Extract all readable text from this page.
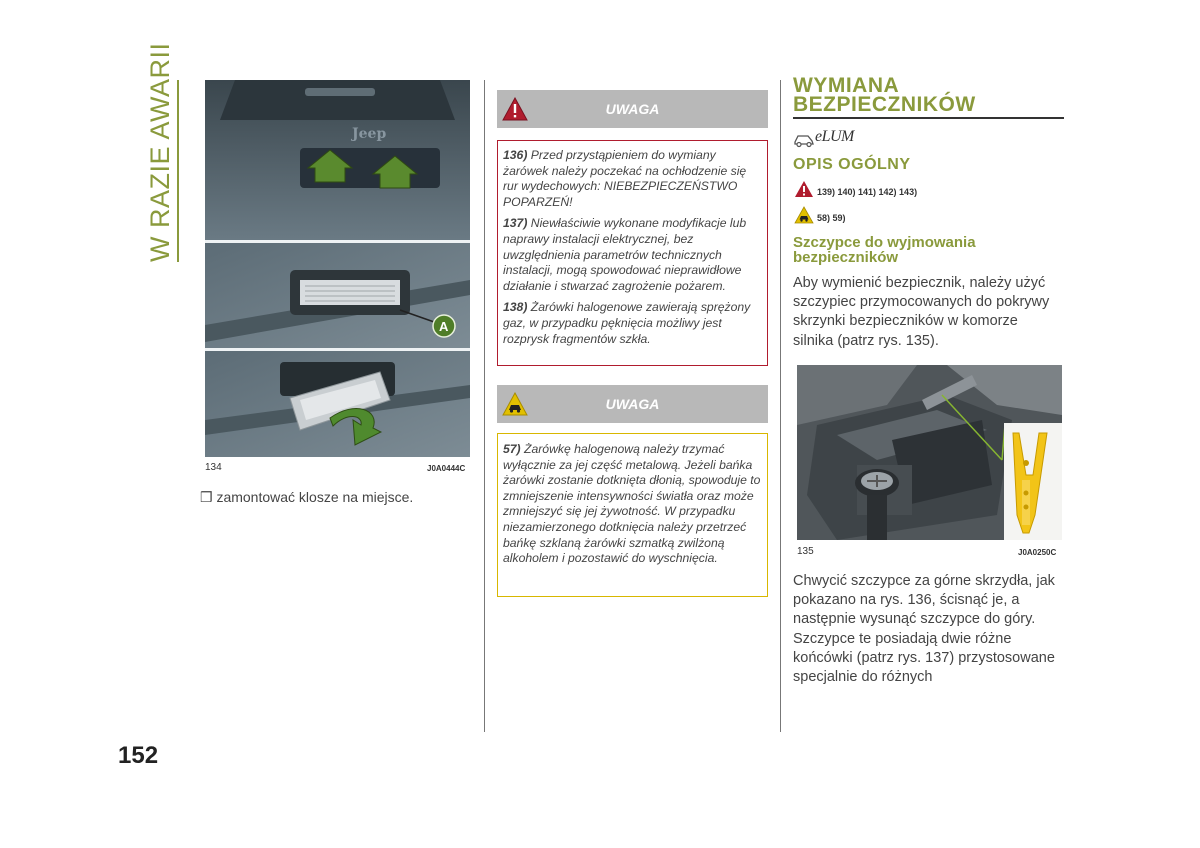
W RAZIE AWARII
152
Jeep
A
134	J0A0444C
❒ zamontować klosze na miejsce.
UWAGA

136) Przed przystąpieniem do wymiany żarówek należy poczekać na ochłodzenie się rur wydechowych: NIEBEZPIECZEŃSTWO POPARZEŃ!

137) Niewłaściwie wykonane modyfikacje lub naprawy instalacji elektrycznej, bez uwzględnienia parametrów technicznych instalacji, mogą spowodować nieprawidłowe działanie i stwarzać zagrożenie pożarem.

138) Żarówki halogenowe zawierają sprężony gaz, w przypadku pęknięcia możliwy jest rozprysk fragmentów szkła.

UWAGA

57) Żarówkę halogenową należy trzymać wyłącznie za jej część metalową. Jeżeli bańka żarówki zostanie dotknięta dłonią, spowoduje to zmniejszenie intensywności światła oraz może zmniejszyć się jej żywotność. W przypadku niezamierzonego dotknięcia należy przetrzeć bańkę szklaną żarówki szmatką zwilżoną alkoholem i pozostawić do wyschnięcia.

WYMIANA BEZPIECZNIKÓW
eLUM
OPIS OGÓLNY
139) 140) 141) 142) 143)
58) 59)
Szczypce do wyjmowania bezpieczników
Aby wymienić bezpiecznik, należy użyć szczypiec przymocowanych do pokrywy skrzynki bezpieczników w komorze silnika (patrz rys. 135).
135	J0A0250C
Chwycić szczypce za górne skrzydła, jak pokazano na rys. 136, ścisnąć je, a następnie wysunąć szczypce do góry. Szczypce te posiadają dwie różne końcówki (patrz rys. 137) przystosowane specjalnie do różnych
